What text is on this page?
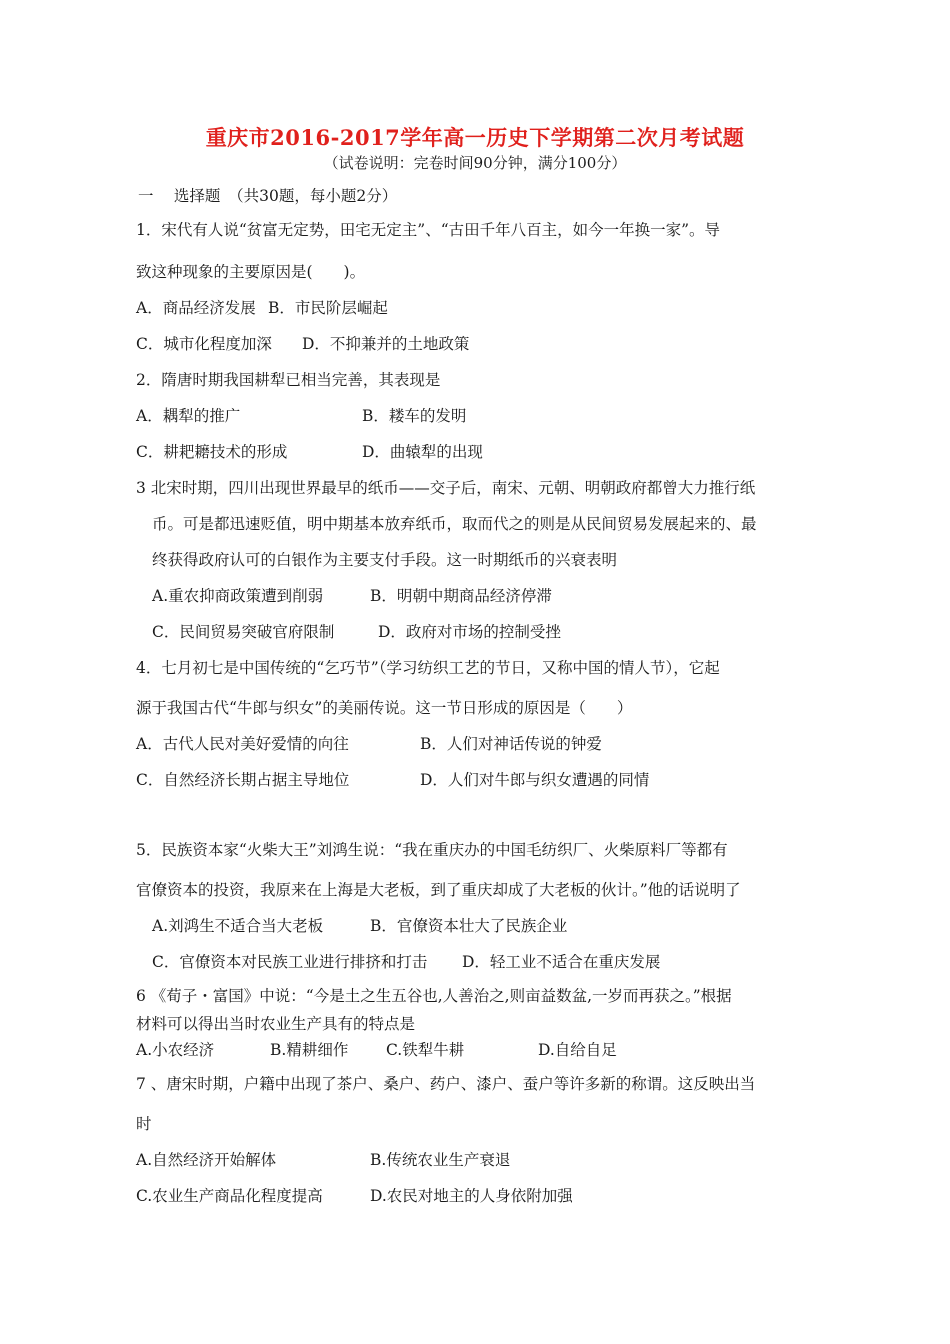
重庆市2016-2017学年高一历史下学期第二次月考试题
（试卷说明：完卷时间90分钟，满分100分）
一　 选择题　（共30题，每小题2分）
1．宋代有人说“贫富无定势，田宅无定主”、“古田千年八百主，如今一年换一家”。导
致这种现象的主要原因是(　　)。
A．商品经济发展 B．市民阶层崛起
C．城市化程度加深 D．不抑兼并的土地政策
2．隋唐时期我国耕犁已相当完善，其表现是
A．耦犁的推广	B．耧车的发明
C．耕耙耱技术的形成	D．曲辕犁的出现
3 北宋时期，四川出现世界最早的纸币——交子后，南宋、元朝、明朝政府都曾大力推行纸
币。可是都迅速贬值，明中期基本放弃纸币，取而代之的则是从民间贸易发展起来的、最
终获得政府认可的白银作为主要支付手段。这一时期纸币的兴衰表明
A.重农抑商政策遭到削弱	B．明朝中期商品经济停滞
C．民间贸易突破官府限制	D．政府对市场的控制受挫
4．七月初七是中国传统的“乞巧节”（学习纺织工艺的节日，又称中国的情人节），它起
源于我国古代“牛郎与织女”的美丽传说。这一节日形成的原因是（　　）
A．古代人民对美好爱情的向往	B．人们对神话传说的钟爱
C．自然经济长期占据主导地位	D．人们对牛郎与织女遭遇的同情
5．民族资本家“火柴大王”刘鸿生说：“我在重庆办的中国毛纺织厂、火柴原料厂等都有
官僚资本的投资，我原来在上海是大老板，到了重庆却成了大老板的伙计。”他的话说明了
A.刘鸿生不适合当大老板	B．官僚资本壮大了民族企业
C．官僚资本对民族工业进行排挤和打击 D．轻工业不适合在重庆发展
6 《荀子・富国》中说：“今是土之生五谷也,人善治之,则亩益数盆,一岁而再获之。”根据
材料可以得出当时农业生产具有的特点是
A.小农经济	B.精耕细作 C.铁犁牛耕	D.自给自足
7 、唐宋时期，户籍中出现了茶户、桑户、药户、漆户、蚕户等许多新的称谓。这反映出当
时
A.自然经济开始解体	B.传统农业生产衰退
C.农业生产商品化程度提高	D.农民对地主的人身依附加强
